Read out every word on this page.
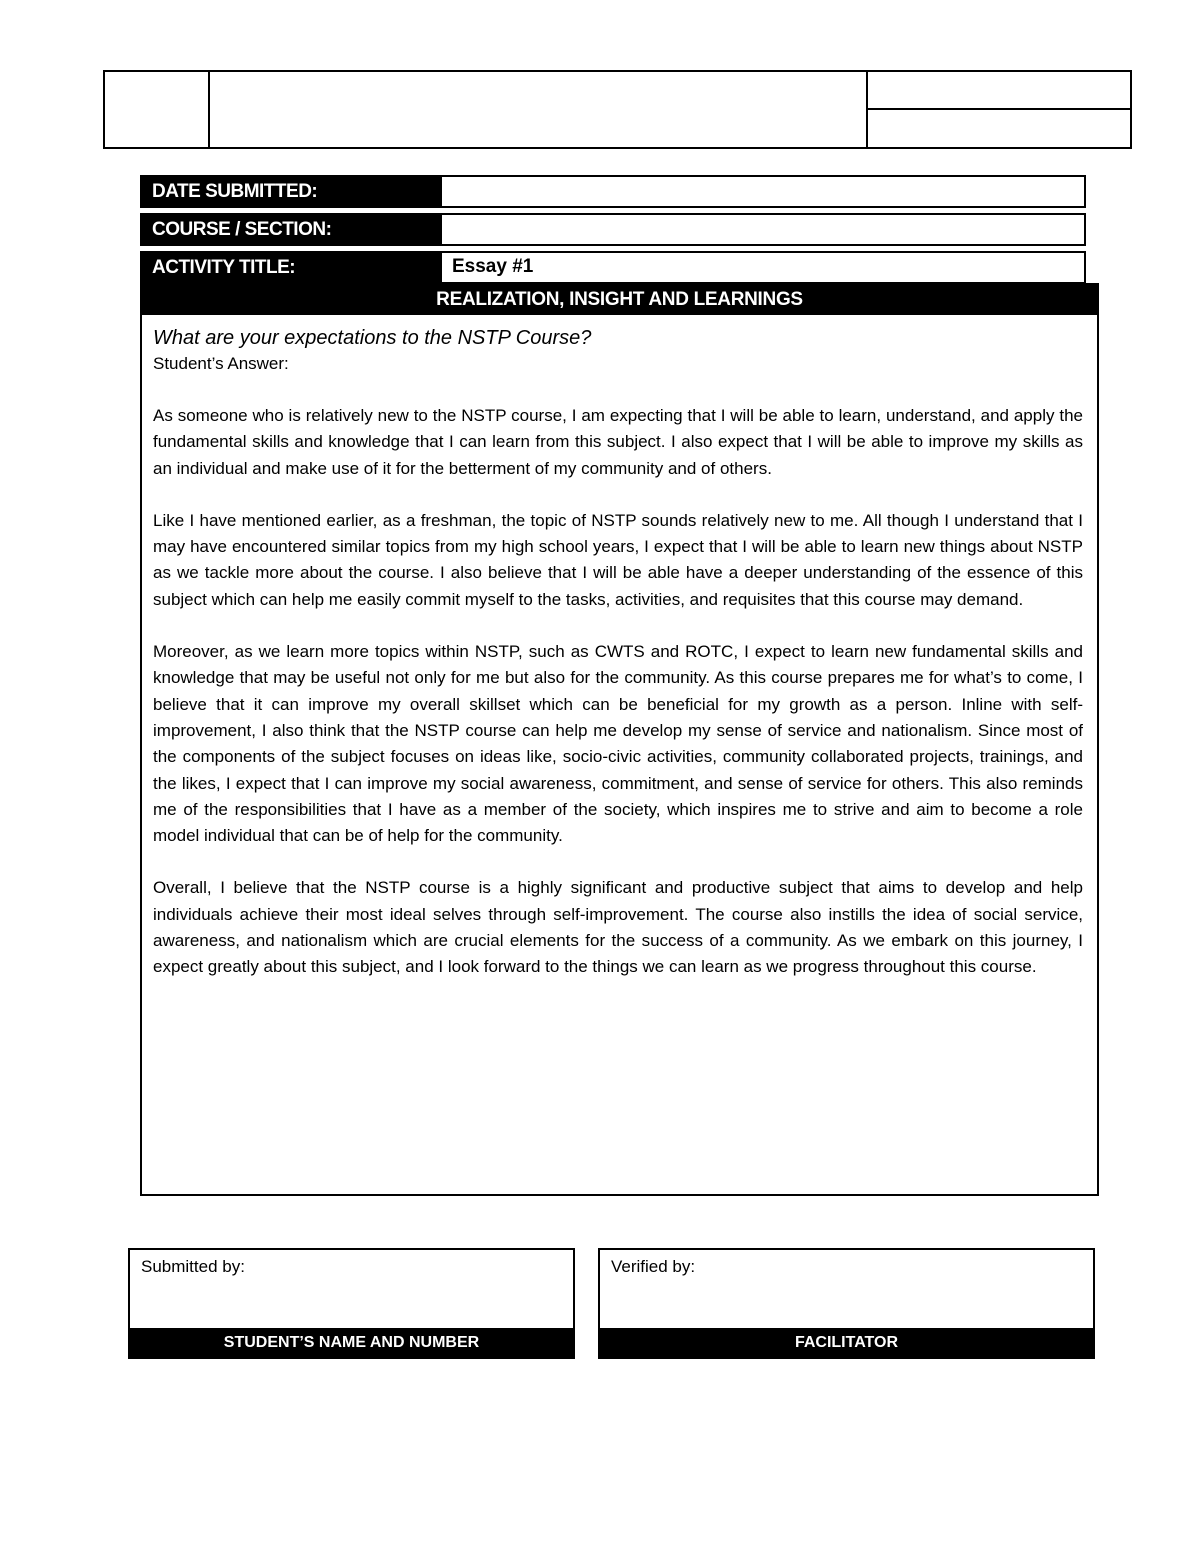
DATE SUBMITTED:
COURSE / SECTION:
ACTIVITY TITLE:	Essay #1
REALIZATION, INSIGHT AND LEARNINGS
What are your expectations to the NSTP Course?
Student’s Answer:

As someone who is relatively new to the NSTP course, I am expecting that I will be able to learn, understand, and apply the fundamental skills and knowledge that I can learn from this subject. I also expect that I will be able to improve my skills as an individual and make use of it for the betterment of my community and of others.

Like I have mentioned earlier, as a freshman, the topic of NSTP sounds relatively new to me. All though I understand that I may have encountered similar topics from my high school years, I expect that I will be able to learn new things about NSTP as we tackle more about the course. I also believe that I will be able have a deeper understanding of the essence of this subject which can help me easily commit myself to the tasks, activities, and requisites that this course may demand.

Moreover, as we learn more topics within NSTP, such as CWTS and ROTC, I expect to learn new fundamental skills and knowledge that may be useful not only for me but also for the community. As this course prepares me for what’s to come, I believe that it can improve my overall skillset which can be beneficial for my growth as a person. Inline with self-improvement, I also think that the NSTP course can help me develop my sense of service and nationalism. Since most of the components of the subject focuses on ideas like, socio-civic activities, community collaborated projects, trainings, and the likes, I expect that I can improve my social awareness, commitment, and sense of service for others. This also reminds me of the responsibilities that I have as a member of the society, which inspires me to strive and aim to become a role model individual that can be of help for the community.

Overall, I believe that the NSTP course is a highly significant and productive subject that aims to develop and help individuals achieve their most ideal selves through self-improvement. The course also instills the idea of social service, awareness, and nationalism which are crucial elements for the success of a community. As we embark on this journey, I expect greatly about this subject, and I look forward to the things we can learn as we progress throughout this course.

Submitted by:
STUDENT’S NAME AND NUMBER
Verified by:
FACILITATOR
